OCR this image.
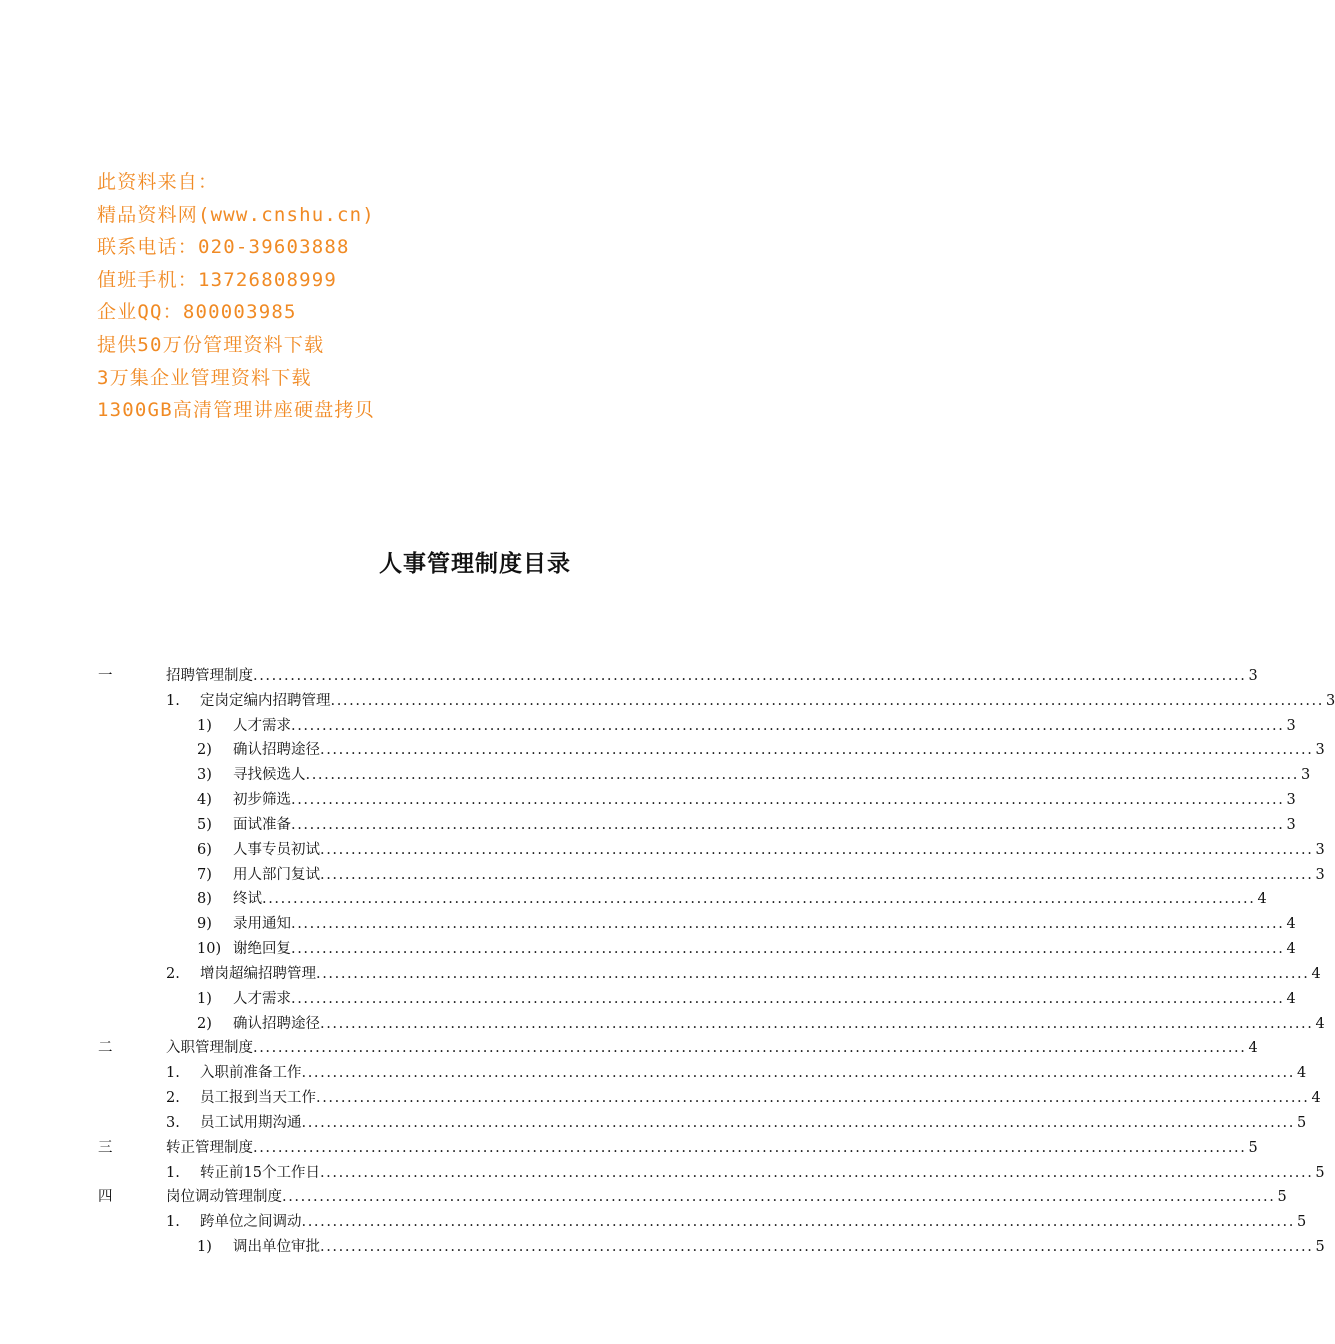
此资料来自：
精品资料网(www.cnshu.cn)
联系电话：020-39603888
值班手机：13726808999
企业QQ：800003985
提供50万份管理资料下载
3万集企业管理资料下载
1300GB高清管理讲座硬盘拷贝
人事管理制度目录
一	招聘管理制度 ................................................................................................................................................................ 3
1. 定岗定编内招聘管理 ................................................................................................................................................................ 3
1) 人才需求 ................................................................................................................................................................ 3
2) 确认招聘途径 ................................................................................................................................................................ 3
3) 寻找候选人 ................................................................................................................................................................ 3
4) 初步筛选 ................................................................................................................................................................ 3
5) 面试准备 ................................................................................................................................................................ 3
6) 人事专员初试 ................................................................................................................................................................ 3
7) 用人部门复试 ................................................................................................................................................................ 3
8) 终试 ................................................................................................................................................................ 4
9) 录用通知 ................................................................................................................................................................ 4
10) 谢绝回复 ................................................................................................................................................................ 4
2. 增岗超编招聘管理 ................................................................................................................................................................ 4
1) 人才需求 ................................................................................................................................................................ 4
2) 确认招聘途径 ................................................................................................................................................................ 4
二	入职管理制度 ................................................................................................................................................................ 4
1. 入职前准备工作 ................................................................................................................................................................ 4
2. 员工报到当天工作 ................................................................................................................................................................ 4
3. 员工试用期沟通 ................................................................................................................................................................ 5
三	转正管理制度 ................................................................................................................................................................ 5
1. 转正前15个工作日 ................................................................................................................................................................ 5
四	岗位调动管理制度 ................................................................................................................................................................ 5
1. 跨单位之间调动 ................................................................................................................................................................ 5
1) 调出单位审批 ................................................................................................................................................................ 5
